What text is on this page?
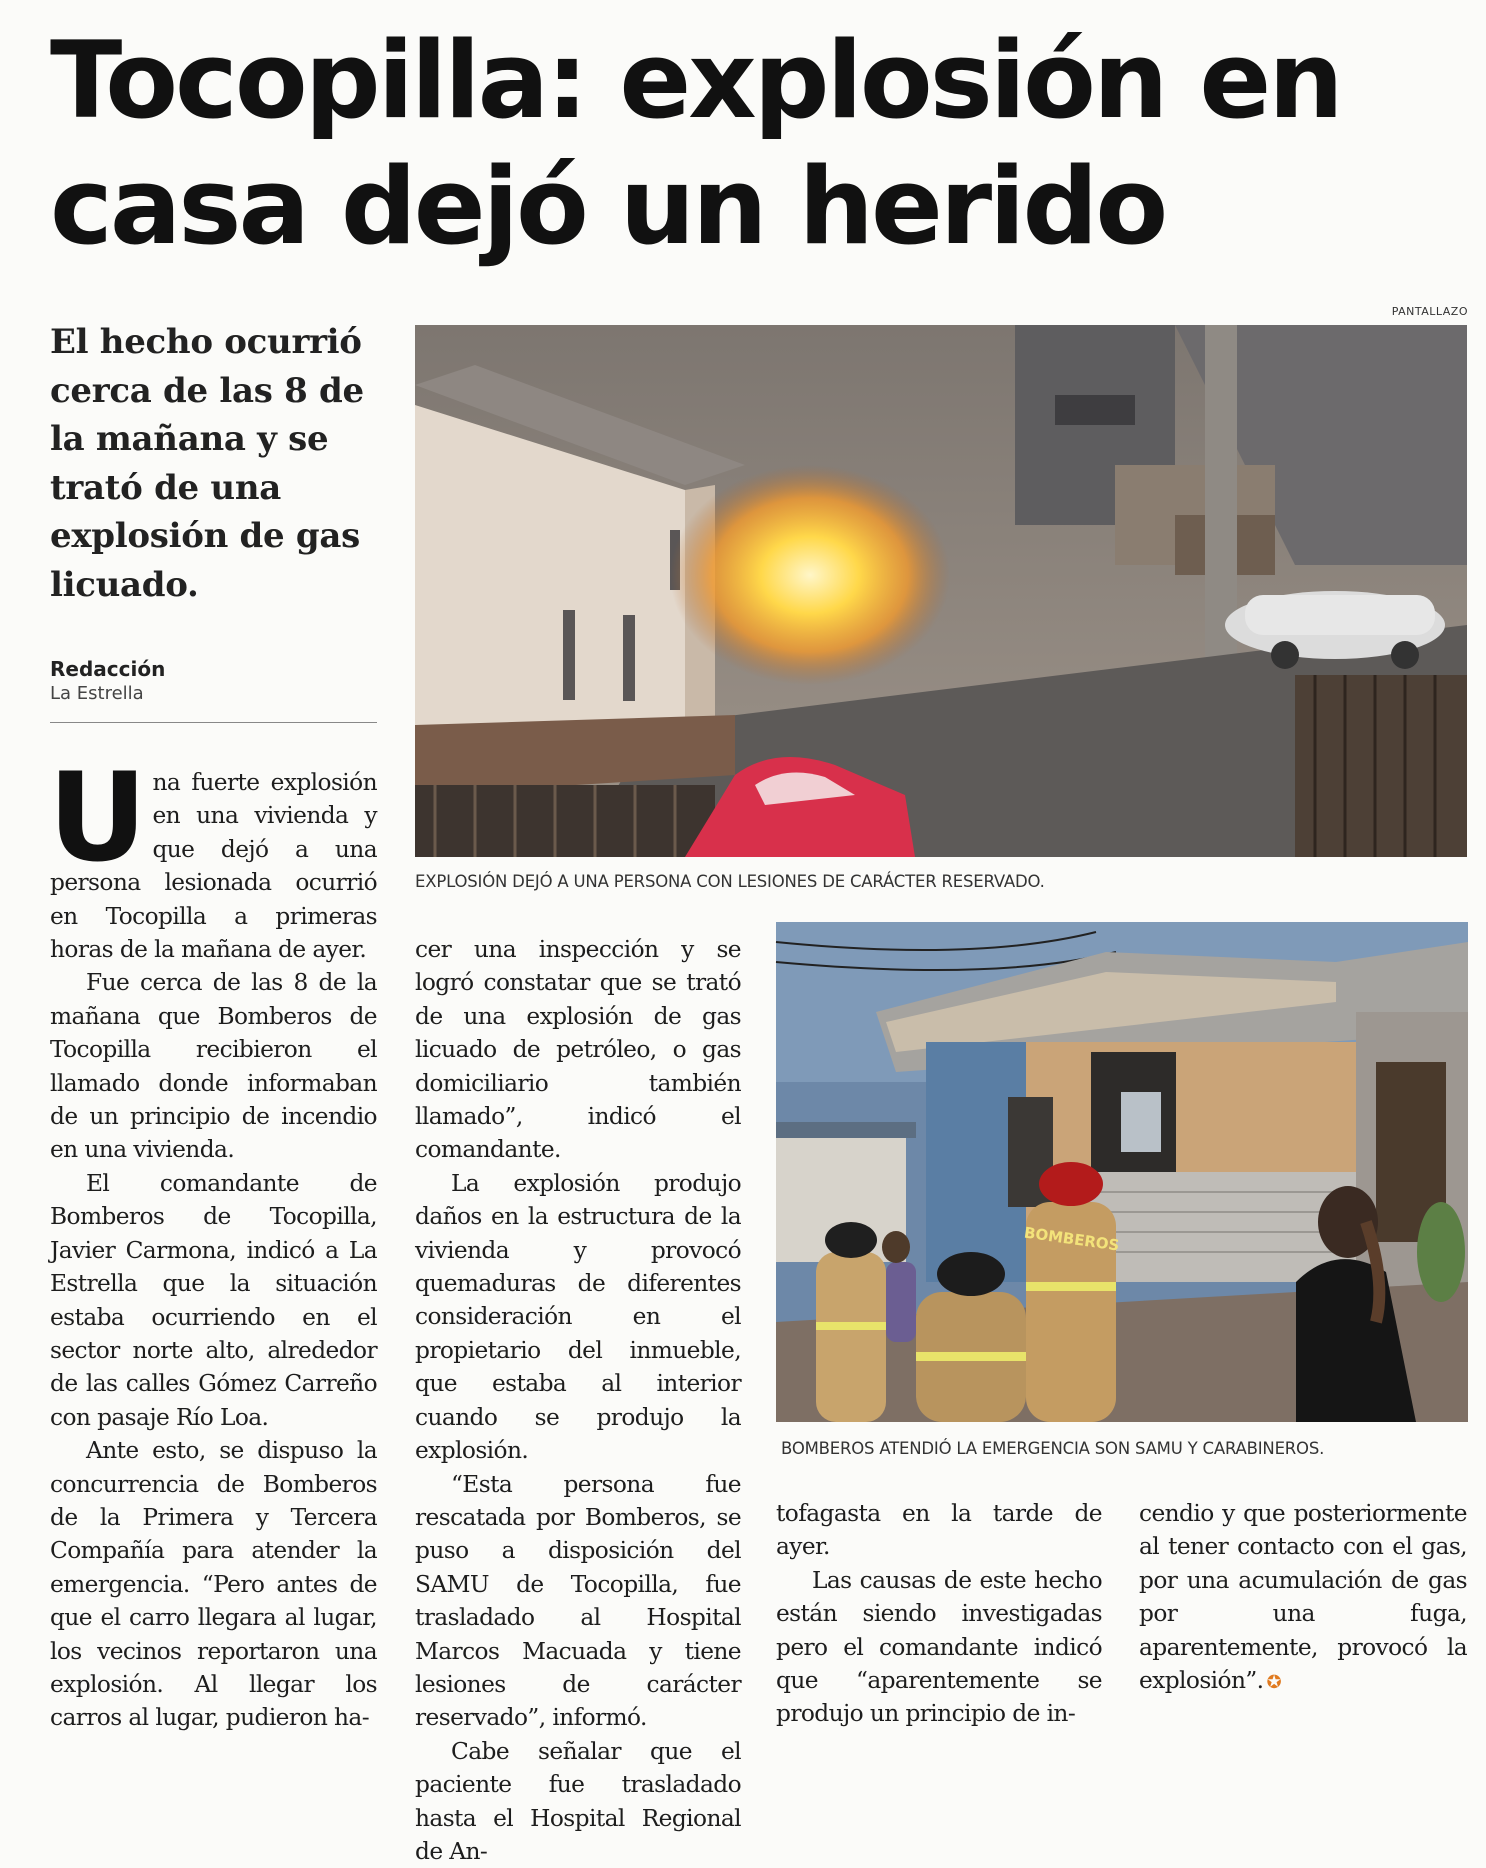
Tocopilla: explosión en casa dejó un herido

El hecho ocurrió cerca de las 8 de la mañana y se trató de una explosión de gas licuado.

Redacción
La Estrella
PANTALLAZO
EXPLOSIÓN DEJÓ A UNA PERSONA CON LESIONES DE CARÁCTER RESERVADO.
BOMBEROS
BOMBEROS ATENDIÓ LA EMERGENCIA SON SAMU Y CARABINEROS.

Una fuerte explosión en una vivienda y que dejó a una persona lesionada ocurrió en Tocopilla a primeras horas de la mañana de ayer.

Fue cerca de las 8 de la mañana que Bomberos de Tocopilla recibieron el llamado donde informaban de un principio de incendio en una vivienda.

El comandante de Bomberos de Tocopilla, Javier Carmona, indicó a La Estrella que la situación estaba ocurriendo en el sector norte alto, alrededor de las calles Gómez Carreño con pasaje Río Loa.

Ante esto, se dispuso la concurrencia de Bomberos de la Primera y Tercera Compañía para atender la emergencia. “Pero antes de que el carro llegara al lugar, los vecinos reportaron una explosión. Al llegar los carros al lugar, pudieron ha-

cer una inspección y se logró constatar que se trató de una explosión de gas licuado de petróleo, o gas domiciliario también llamado”, indicó el comandante.

La explosión produjo daños en la estructura de la vivienda y provocó quemaduras de diferentes consideración en el propietario del inmueble, que estaba al interior cuando se produjo la explosión.

“Esta persona fue rescatada por Bomberos, se puso a disposición del SAMU de Tocopilla, fue trasladado al Hospital Marcos Macuada y tiene lesiones de carácter reservado”, informó.

Cabe señalar que el paciente fue trasladado hasta el Hospital Regional de An-

tofagasta en la tarde de ayer.

Las causas de este hecho están siendo investigadas pero el comandante indicó que “aparentemente se produjo un principio de in-

cendio y que posteriormente al tener contacto con el gas, por una acumulación de gas por una fuga, aparentemente, provocó la explosión”. ✪
